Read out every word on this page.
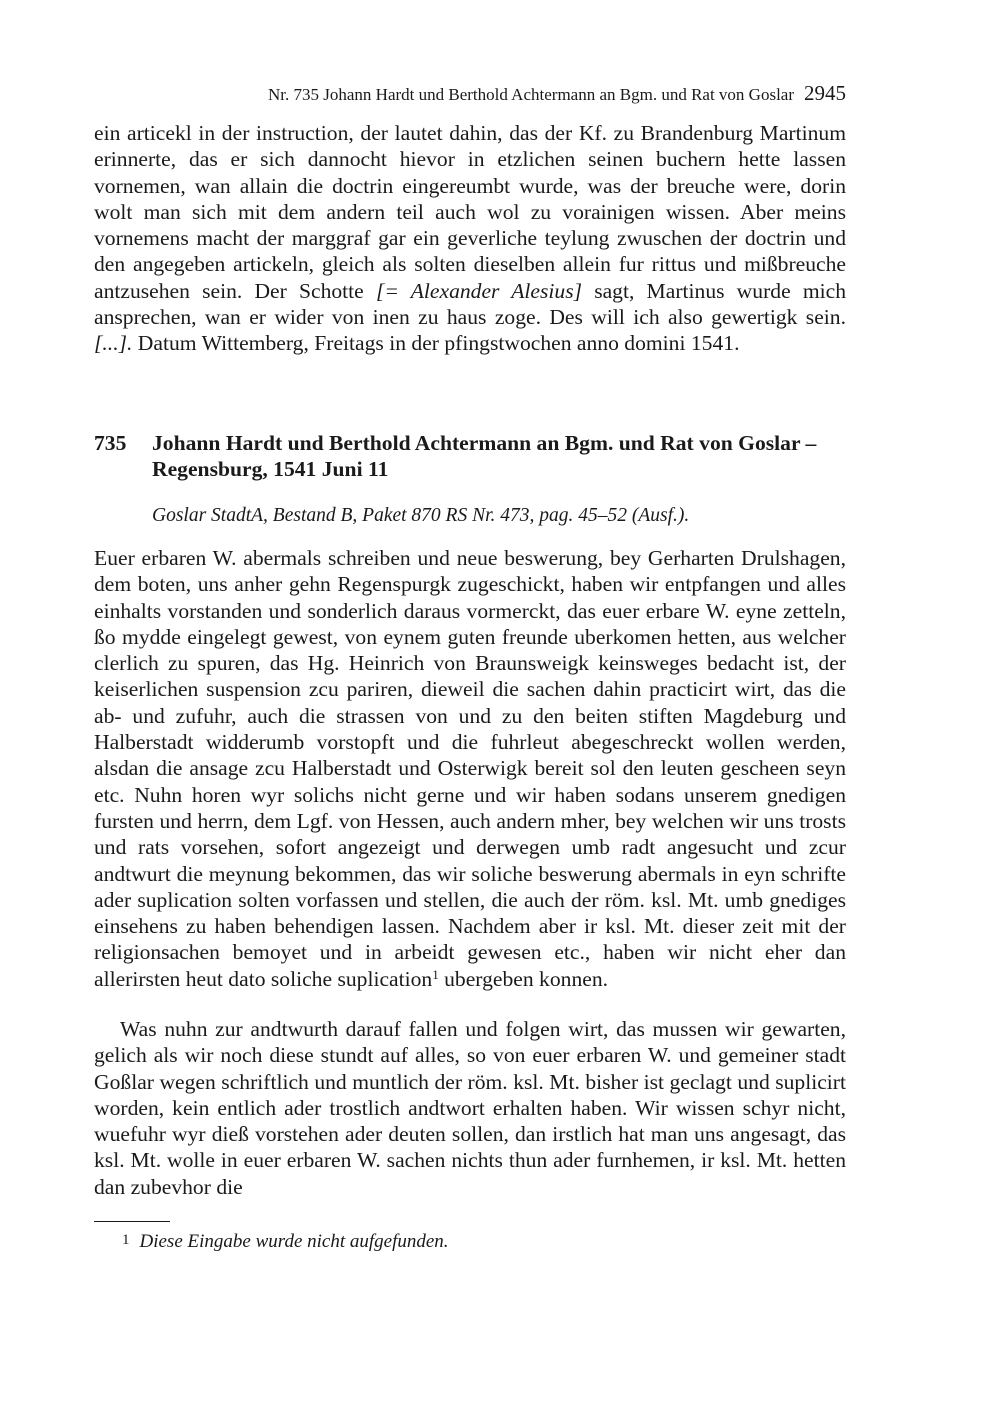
Nr. 735 Johann Hardt und Berthold Achtermann an Bgm. und Rat von Goslar 2945

ein articekl in der instruction, der lautet dahin, das der Kf. zu Brandenburg Martinum erinnerte, das er sich dannocht hievor in etzlichen seinen buchern hette lassen vornemen, wan allain die doctrin eingereumbt wurde, was der breuche were, dorin wolt man sich mit dem andern teil auch wol zu vorainigen wissen. Aber meins vornemens macht der marggraf gar ein geverliche teylung zwuschen der doctrin und den angegeben artickeln, gleich als solten dieselben allein fur rittus und mißbreuche antzusehen sein. Der Schotte [= Alexander Alesius] sagt, Martinus wurde mich ansprechen, wan er wider von inen zu haus zoge. Des will ich also gewertigk sein. [...]. Datum Wittemberg, Freitags in der pfingstwochen anno domini 1541.

735 Johann Hardt und Berthold Achtermann an Bgm. und Rat von Goslar – Regensburg, 1541 Juni 11
Goslar StadtA, Bestand B, Paket 870 RS Nr. 473, pag. 45–52 (Ausf.).

Euer erbaren W. abermals schreiben und neue beswerung, bey Gerharten Drulshagen, dem boten, uns anher gehn Regenspurgk zugeschickt, haben wir entpfangen und alles einhalts vorstanden und sonderlich daraus vormerckt, das euer erbare W. eyne zetteln, ßo mydde eingelegt gewest, von eynem guten freunde uberkomen hetten, aus welcher clerlich zu spuren, das Hg. Heinrich von Braunsweigk keinsweges bedacht ist, der keiserlichen suspension zcu pariren, dieweil die sachen dahin practicirt wirt, das die ab- und zufuhr, auch die strassen von und zu den beiten stiften Magdeburg und Halberstadt widderumb vorstopft und die fuhrleut abegeschreckt wollen werden, alsdan die ansage zcu Halberstadt und Osterwigk bereit sol den leuten gescheen seyn etc. Nuhn horen wyr solichs nicht gerne und wir haben sodans unserem gnedigen fursten und herrn, dem Lgf. von Hessen, auch andern mher, bey welchen wir uns trosts und rats vorsehen, sofort angezeigt und derwegen umb radt angesucht und zcur andtwurt die meynung bekommen, das wir soliche beswerung abermals in eyn schrifte ader suplication solten vorfassen und stellen, die auch der röm. ksl. Mt. umb gnediges einsehens zu haben behendigen lassen. Nachdem aber ir ksl. Mt. dieser zeit mit der religionsachen bemoyet und in arbeidt gewesen etc., haben wir nicht eher dan allerirsten heut dato soliche suplication$^1$ ubergeben konnen.

Was nuhn zur andtwurth darauf fallen und folgen wirt, das mussen wir gewarten, gelich als wir noch diese stundt auf alles, so von euer erbaren W. und gemeiner stadt Goßlar wegen schriftlich und muntlich der röm. ksl. Mt. bisher ist geclagt und suplicirt worden, kein entlich ader trostlich andtwort erhalten haben. Wir wissen schyr nicht, wuefuhr wyr dieß vorstehen ader deuten sollen, dan irstlich hat man uns angesagt, das ksl. Mt. wolle in euer erbaren W. sachen nichts thun ader furnhemen, ir ksl. Mt. hetten dan zubevhor die

1 Diese Eingabe wurde nicht aufgefunden.
